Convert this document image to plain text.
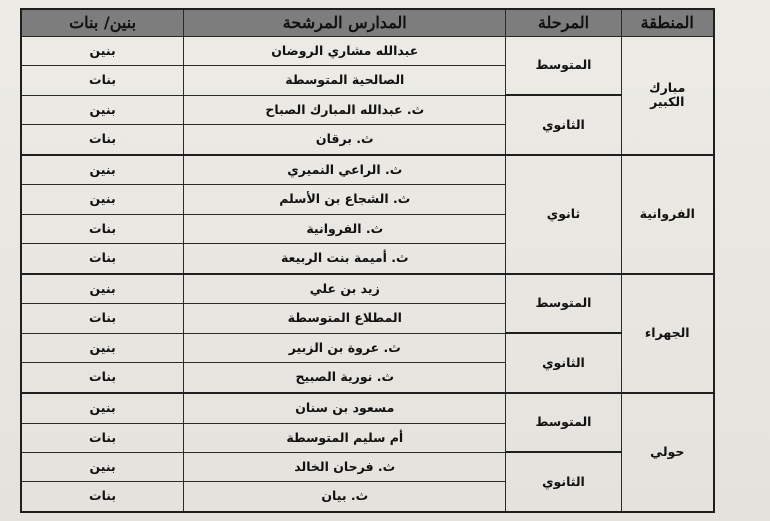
المنطقة	المرحلة	المدارس المرشحة	بنين/ بنات
مبارك الكبير	المتوسط	عبدالله مشاري الروضان	بنين
		الصالحية المتوسطة	بنات
	الثانوي	ث. عبدالله المبارك الصباح	بنين
		ث. برقان	بنات
الفروانية	ثانوي	ث. الراعي النميري	بنين
		ث. الشجاع بن الأسلم	بنين
		ث. الفروانية	بنات
		ث. أميمة بنت الربيعة	بنات
الجهراء	المتوسط	زيد بن علي	بنين
		المطلاع المتوسطة	بنات
	الثانوي	ث. عروة بن الزبير	بنين
		ث. نورية الصبيح	بنات
حولي	المتوسط	مسعود بن سنان	بنين
		أم سليم المتوسطة	بنات
	الثانوي	ث. فرحان الخالد	بنين
		ث. بيان	بنات
